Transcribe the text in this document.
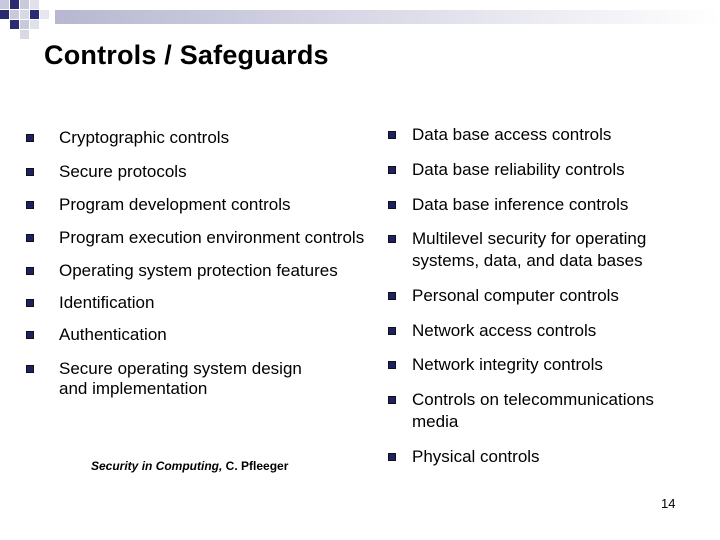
Controls / Safeguards
Cryptographic controls
Secure protocols
Program development controls
Program execution environment controls
Operating system protection features
Identification
Authentication
Secure operating system design
and implementation
Data base access controls
Data base reliability controls
Data base inference controls
Multilevel security for operating
systems, data, and data bases
Personal computer controls
Network access controls
Network integrity controls
Controls on telecommunications
media
Physical controls
Security in Computing, C. Pfleeger
14
